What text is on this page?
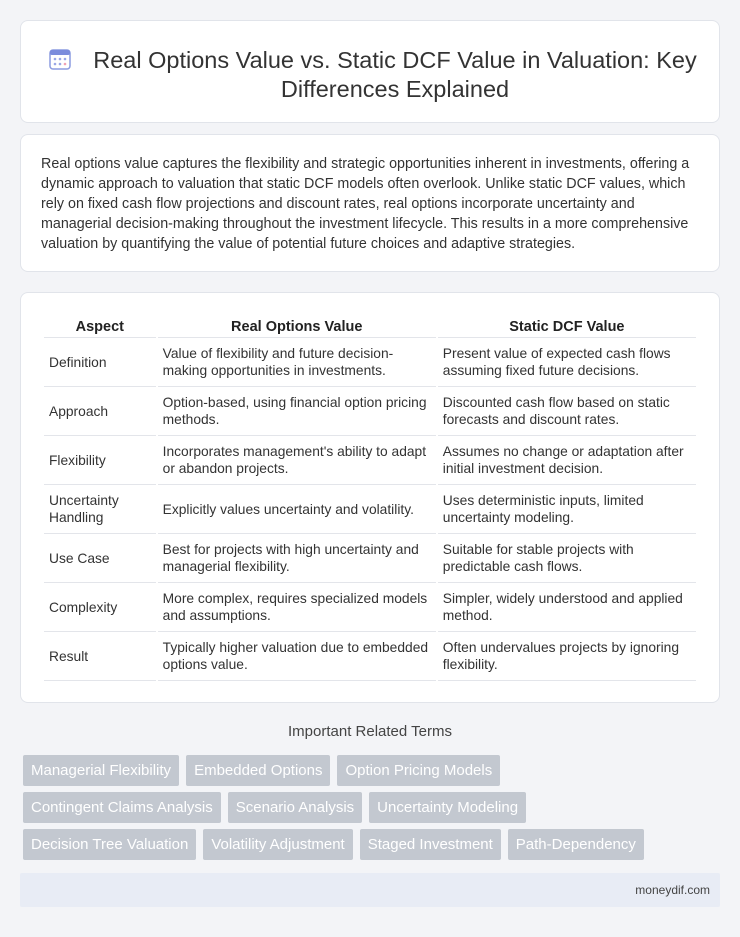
Real Options Value vs. Static DCF Value in Valuation: Key Differences Explained
Real options value captures the flexibility and strategic opportunities inherent in investments, offering a dynamic approach to valuation that static DCF models often overlook. Unlike static DCF values, which rely on fixed cash flow projections and discount rates, real options incorporate uncertainty and managerial decision-making throughout the investment lifecycle. This results in a more comprehensive valuation by quantifying the value of potential future choices and adaptive strategies.
Aspect	Real Options Value	Static DCF Value
Definition	Value of flexibility and future decision-making opportunities in investments.	Present value of expected cash flows assuming fixed future decisions.
Approach	Option-based, using financial option pricing methods.	Discounted cash flow based on static forecasts and discount rates.
Flexibility	Incorporates management's ability to adapt or abandon projects.	Assumes no change or adaptation after initial investment decision.
Uncertainty Handling	Explicitly values uncertainty and volatility.	Uses deterministic inputs, limited uncertainty modeling.
Use Case	Best for projects with high uncertainty and managerial flexibility.	Suitable for stable projects with predictable cash flows.
Complexity	More complex, requires specialized models and assumptions.	Simpler, widely understood and applied method.
Result	Typically higher valuation due to embedded options value.	Often undervalues projects by ignoring flexibility.
Important Related Terms
Managerial Flexibility	Embedded Options	Option Pricing Models
Contingent Claims Analysis	Scenario Analysis	Uncertainty Modeling
Decision Tree Valuation	Volatility Adjustment	Staged Investment	Path-Dependency
moneydif.com
